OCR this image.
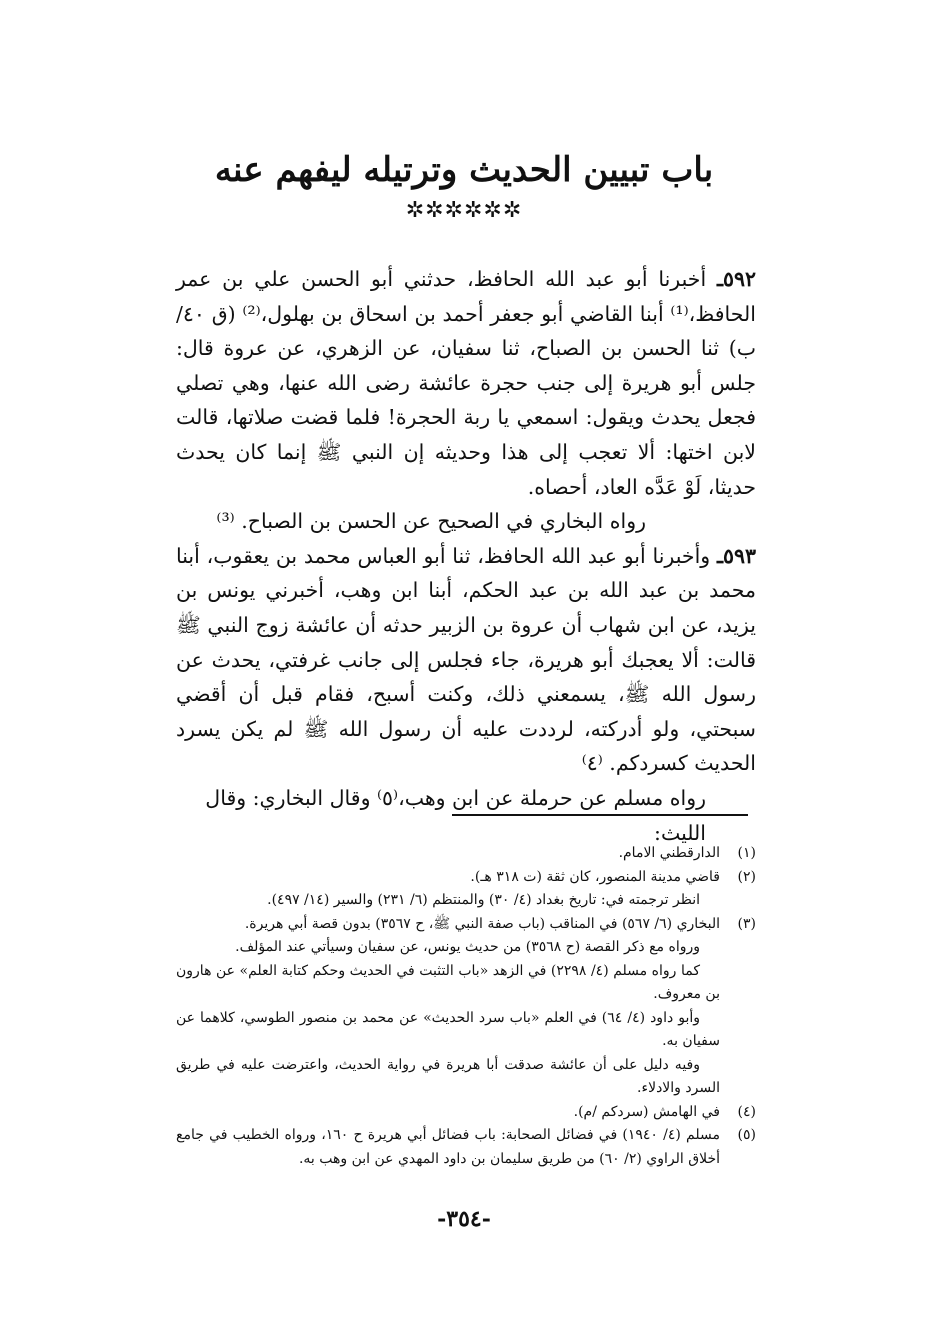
باب تبيين الحديث وترتيله ليفهم عنه
✲✲✲✲✲✲

٥٩٢ـ أخبرنا أبو عبد الله الحافظ، حدثني أبو الحسن علي بن عمر الحافظ،⁽¹⁾ أبنا القاضي أبو جعفر أحمد بن اسحاق بن بهلول،⁽²⁾ (ق ٤٠/ ب) ثنا الحسن بن الصباح، ثنا سفيان، عن الزهري، عن عروة قال: جلس أبو هريرة إلى جنب حجرة عائشة رضى الله عنها، وهي تصلي فجعل يحدث ويقول: اسمعي يا ربة الحجرة! فلما قضت صلاتها، قالت لابن اختها: ألا تعجب إلى هذا وحديثه إن النبي ﷺ إنما كان يحدث حديثا، لَوْ عَدَّه العاد، أحصاه.

رواه البخاري في الصحيح عن الحسن بن الصباح. ⁽³⁾

٥٩٣ـ وأخبرنا أبو عبد الله الحافظ، ثنا أبو العباس محمد بن يعقوب، أبنا محمد بن عبد الله بن عبد الحكم، أبنا ابن وهب، أخبرني يونس بن يزيد، عن ابن شهاب أن عروة بن الزبير حدثه أن عائشة زوج النبي ﷺ قالت: ألا يعجبك أبو هريرة، جاء فجلس إلى جانب غرفتي، يحدث عن رسول الله ﷺ، يسمعني ذلك، وكنت أسبح، فقام قبل أن أقضي سبحتي، ولو أدركته، لرددت عليه أن رسول الله ﷺ لم يكن يسرد الحديث كسردكم. ⁽٤⁾

رواه مسلم عن حرملة عن ابن وهب،⁽٥⁾ وقال البخاري: وقال الليث:

(١)
الدارقطني الامام.
(٢)
قاضي مدينة المنصور، كان ثقة (ت ٣١٨ هـ).

انظر ترجمته في: تاريخ بغداد (٤/ ٣٠) والمنتظم (٦/ ٢٣١) والسير (١٤/ ٤٩٧).

(٣)
البخاري (٦/ ٥٦٧) في المناقب (باب صفة النبي ﷺ، ح ٣٥٦٧) بدون قصة أبي هريرة.

ورواه مع ذكر القصة (ح ٣٥٦٨) من حديث يونس، عن سفيان وسيأتي عند المؤلف.

كما رواه مسلم (٤/ ٢٢٩٨) في الزهد «باب التثبت في الحديث وحكم كتابة العلم» عن هارون بن معروف.

وأبو داود (٤/ ٦٤) في العلم «باب سرد الحديث» عن محمد بن منصور الطوسي، كلاهما عن سفيان به.

وفيه دليل على أن عائشة صدقت أبا هريرة في رواية الحديث، واعترضت عليه في طريق السرد والادلاء.

(٤)
في الهامش (سردكم /م).
(٥)
مسلم (٤/ ١٩٤٠) في فضائل الصحابة: باب فضائل أبي هريرة ح ١٦٠، ورواه الخطيب في جامع أخلاق الراوي (٢/ ٦٠) من طريق سليمان بن داود المهدي عن ابن وهب به.
-٣٥٤-
